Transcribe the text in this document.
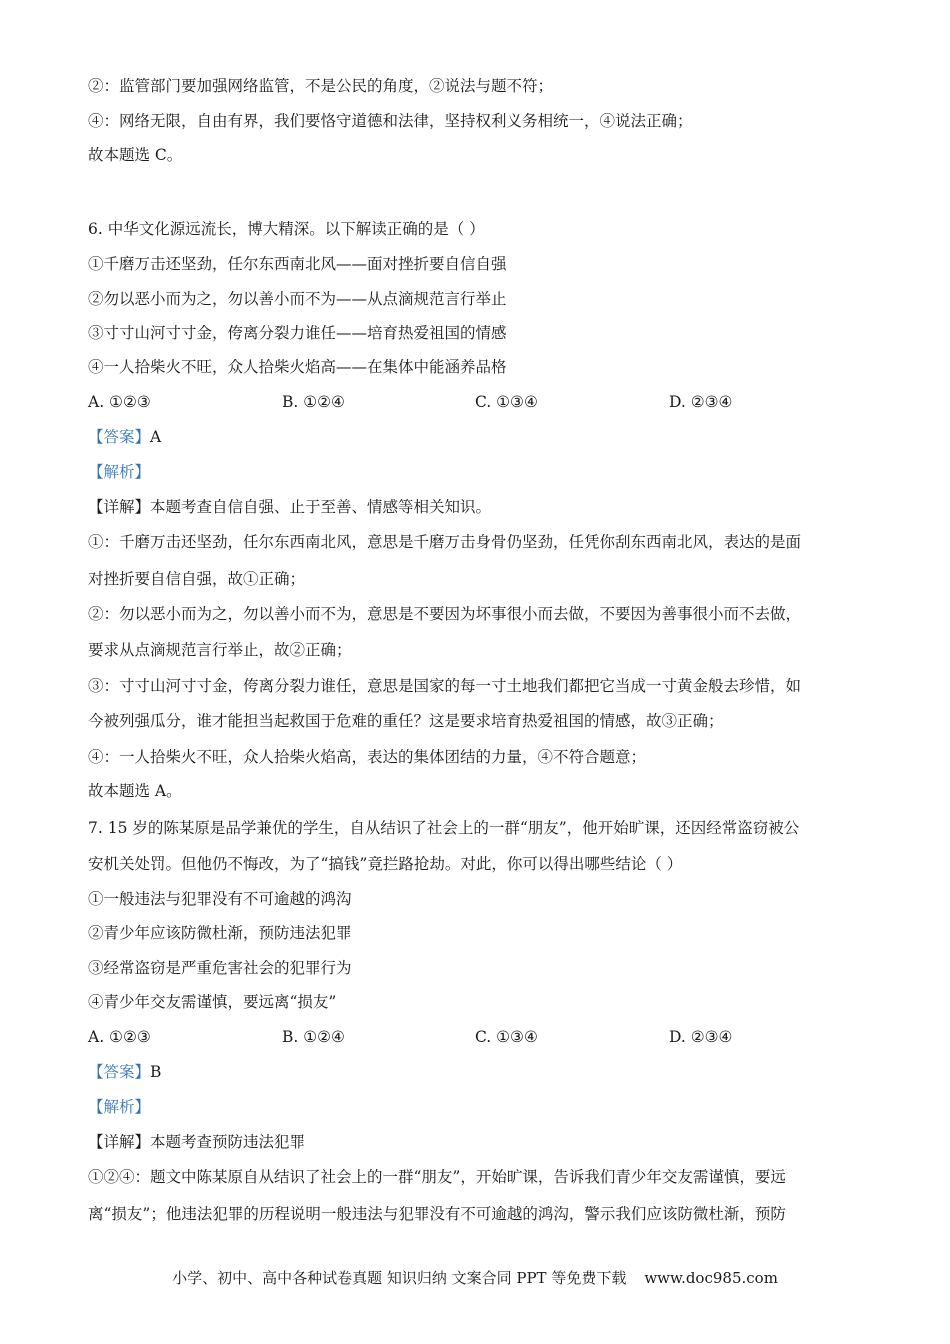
②：监管部门要加强网络监管，不是公民的角度，②说法与题不符；
④：网络无限，自由有界，我们要恪守道德和法律，坚持权利义务相统一，④说法正确；
故本题选 C。
6. 中华文化源远流长，博大精深。以下解读正确的是（ ）
①千磨万击还坚劲，任尔东西南北风——面对挫折要自信自强
②勿以恶小而为之，勿以善小而不为——从点滴规范言行举止
③寸寸山河寸寸金，侉离分裂力谁任——培育热爱祖国的情感
④一人拾柴火不旺，众人拾柴火焰高——在集体中能涵养品格
A. ①②③	B. ①②④	C. ①③④	D. ②③④
【答案】A
【解析】
【详解】本题考查自信自强、止于至善、情感等相关知识。
①：千磨万击还坚劲，任尔东西南北风，意思是千磨万击身骨仍坚劲，任凭你刮东西南北风，表达的是面
对挫折要自信自强，故①正确；
②：勿以恶小而为之，勿以善小而不为，意思是不要因为坏事很小而去做，不要因为善事很小而不去做，
要求从点滴规范言行举止，故②正确；
③：寸寸山河寸寸金，侉离分裂力谁任，意思是国家的每一寸土地我们都把它当成一寸黄金般去珍惜，如
今被列强瓜分，谁才能担当起救国于危难的重任？这是要求培育热爱祖国的情感，故③正确；
④：一人拾柴火不旺，众人拾柴火焰高，表达的集体团结的力量，④不符合题意；
故本题选 A。
7. 15 岁的陈某原是品学兼优的学生，自从结识了社会上的一群“朋友”，他开始旷课，还因经常盗窃被公
安机关处罚。但他仍不悔改，为了“搞钱”竟拦路抢劫。对此，你可以得出哪些结论（ ）
①一般违法与犯罪没有不可逾越的鸿沟
②青少年应该防微杜渐，预防违法犯罪
③经常盗窃是严重危害社会的犯罪行为
④青少年交友需谨慎，要远离“损友”
A. ①②③	B. ①②④	C. ①③④	D. ②③④
【答案】B
【解析】
【详解】本题考查预防违法犯罪
①②④：题文中陈某原自从结识了社会上的一群“朋友”，开始旷课，告诉我们青少年交友需谨慎，要远
离“损友”；他违法犯罪的历程说明一般违法与犯罪没有不可逾越的鸿沟，警示我们应该防微杜渐，预防
小学、初中、高中各种试卷真题 知识归纳 文案合同 PPT 等免费下载 www.doc985.com
